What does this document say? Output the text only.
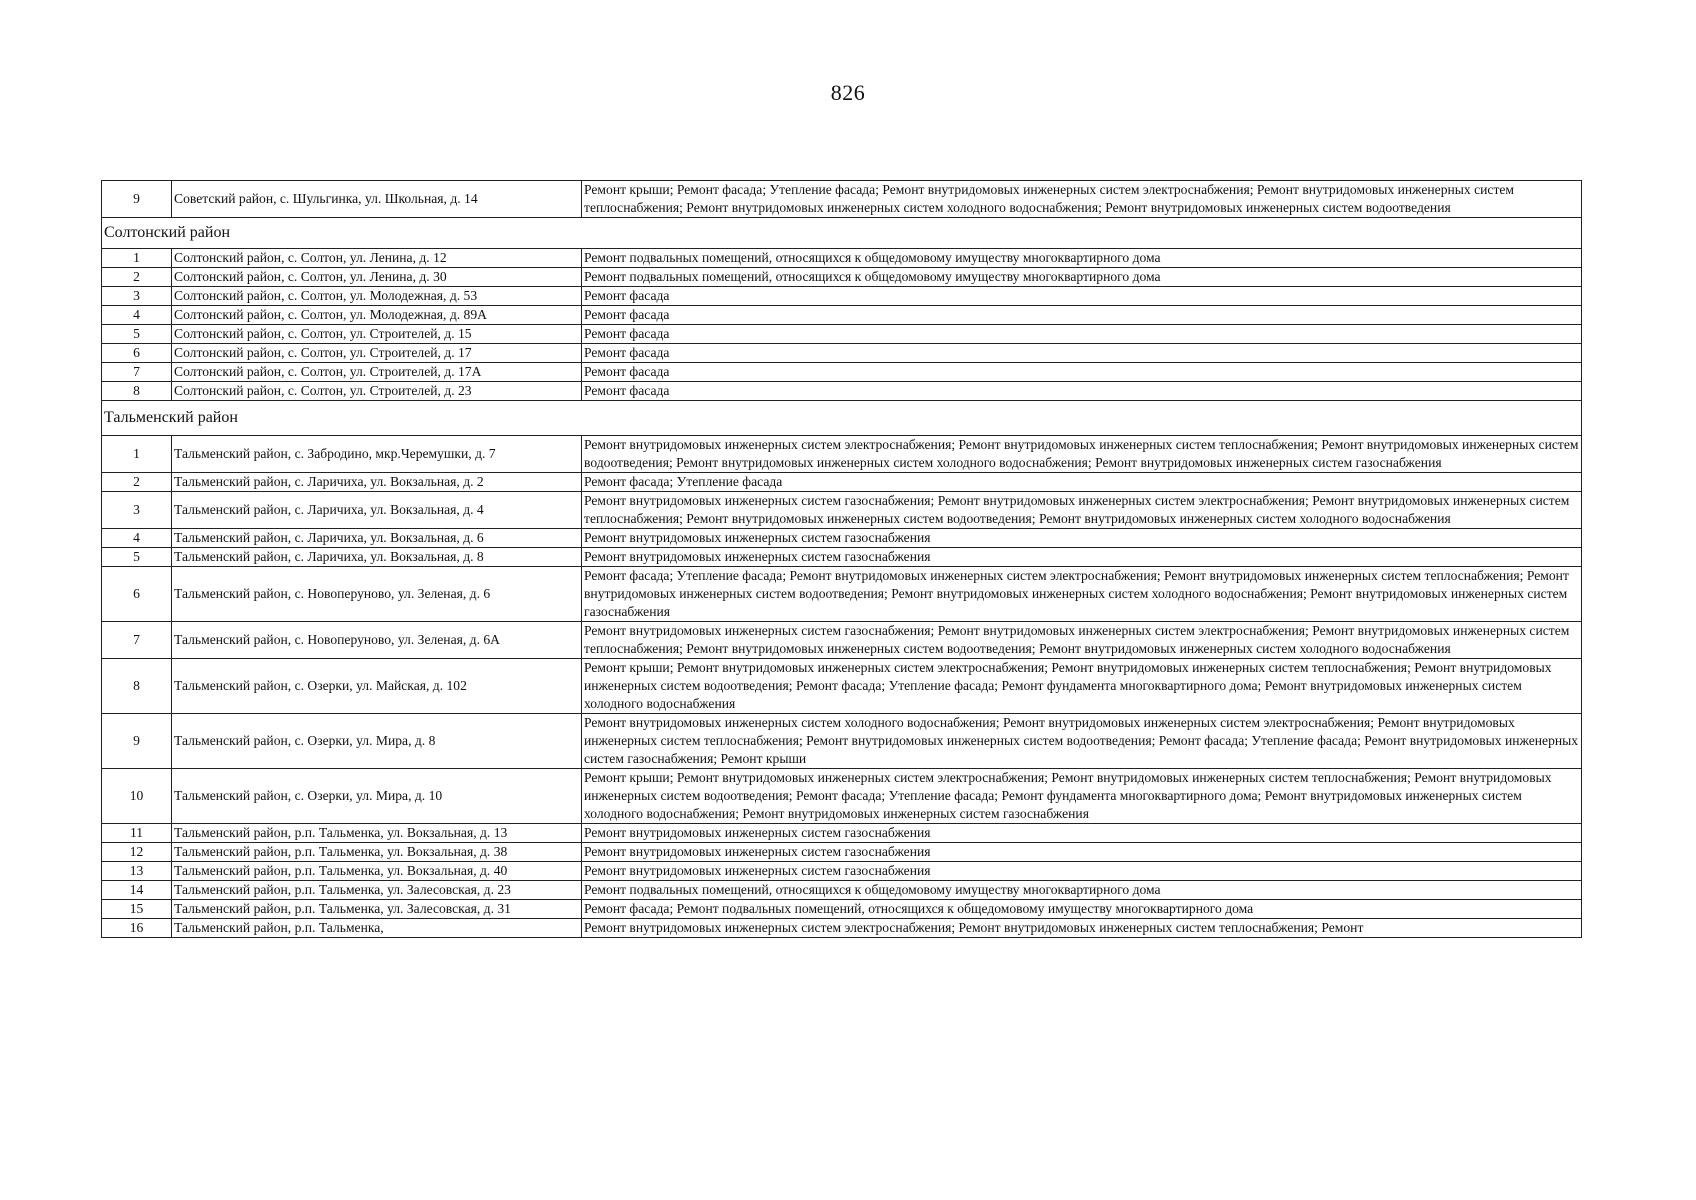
826
9	Советский район, с. Шульгинка, ул. Школьная, д. 14	Ремонт крыши; Ремонт фасада; Утепление фасада; Ремонт внутридомовых инженерных систем электроснабжения; Ремонт внутридомовых инженерных систем теплоснабжения; Ремонт внутридомовых инженерных систем холодного водоснабжения; Ремонт внутридомовых инженерных систем водоотведения
Солтонский район		
1	Солтонский район, с. Солтон, ул. Ленина, д. 12	Ремонт подвальных помещений, относящихся к общедомовому имуществу многоквартирного дома
2	Солтонский район, с. Солтон, ул. Ленина, д. 30	Ремонт подвальных помещений, относящихся к общедомовому имуществу многоквартирного дома
3	Солтонский район, с. Солтон, ул. Молодежная, д. 53	Ремонт фасада
4	Солтонский район, с. Солтон, ул. Молодежная, д. 89А	Ремонт фасада
5	Солтонский район, с. Солтон, ул. Строителей, д. 15	Ремонт фасада
6	Солтонский район, с. Солтон, ул. Строителей, д. 17	Ремонт фасада
7	Солтонский район, с. Солтон, ул. Строителей, д. 17А	Ремонт фасада
8	Солтонский район, с. Солтон, ул. Строителей, д. 23	Ремонт фасада
Тальменский район		
1	Тальменский район, с. Забродино, мкр.Черемушки, д. 7	Ремонт внутридомовых инженерных систем электроснабжения; Ремонт внутридомовых инженерных систем теплоснабжения; Ремонт внутридомовых инженерных систем водоотведения; Ремонт внутридомовых инженерных систем холодного водоснабжения; Ремонт внутридомовых инженерных систем газоснабжения
2	Тальменский район, с. Ларичиха, ул. Вокзальная, д. 2	Ремонт фасада; Утепление фасада
3	Тальменский район, с. Ларичиха, ул. Вокзальная, д. 4	Ремонт внутридомовых инженерных систем газоснабжения; Ремонт внутридомовых инженерных систем электроснабжения; Ремонт внутридомовых инженерных систем теплоснабжения; Ремонт внутридомовых инженерных систем водоотведения; Ремонт внутридомовых инженерных систем холодного водоснабжения
4	Тальменский район, с. Ларичиха, ул. Вокзальная, д. 6	Ремонт внутридомовых инженерных систем газоснабжения
5	Тальменский район, с. Ларичиха, ул. Вокзальная, д. 8	Ремонт внутридомовых инженерных систем газоснабжения
6	Тальменский район, с. Новоперуново, ул. Зеленая, д. 6	Ремонт фасада; Утепление фасада; Ремонт внутридомовых инженерных систем электроснабжения; Ремонт внутридомовых инженерных систем теплоснабжения; Ремонт внутридомовых инженерных систем водоотведения; Ремонт внутридомовых инженерных систем холодного водоснабжения; Ремонт внутридомовых инженерных систем газоснабжения
7	Тальменский район, с. Новоперуново, ул. Зеленая, д. 6А	Ремонт внутридомовых инженерных систем газоснабжения; Ремонт внутридомовых инженерных систем электроснабжения; Ремонт внутридомовых инженерных систем теплоснабжения; Ремонт внутридомовых инженерных систем водоотведения; Ремонт внутридомовых инженерных систем холодного водоснабжения
8	Тальменский район, с. Озерки, ул. Майская, д. 102	Ремонт крыши; Ремонт внутридомовых инженерных систем электроснабжения; Ремонт внутридомовых инженерных систем теплоснабжения; Ремонт внутридомовых инженерных систем водоотведения; Ремонт фасада; Утепление фасада; Ремонт фундамента многоквартирного дома; Ремонт внутридомовых инженерных систем холодного водоснабжения
9	Тальменский район, с. Озерки, ул. Мира, д. 8	Ремонт внутридомовых инженерных систем холодного водоснабжения; Ремонт внутридомовых инженерных систем электроснабжения; Ремонт внутридомовых инженерных систем теплоснабжения; Ремонт внутридомовых инженерных систем водоотведения; Ремонт фасада; Утепление фасада; Ремонт внутридомовых инженерных систем газоснабжения; Ремонт крыши
10	Тальменский район, с. Озерки, ул. Мира, д. 10	Ремонт крыши; Ремонт внутридомовых инженерных систем электроснабжения; Ремонт внутридомовых инженерных систем теплоснабжения; Ремонт внутридомовых инженерных систем водоотведения; Ремонт фасада; Утепление фасада; Ремонт фундамента многоквартирного дома; Ремонт внутридомовых инженерных систем холодного водоснабжения; Ремонт внутридомовых инженерных систем газоснабжения
11	Тальменский район, р.п. Тальменка, ул. Вокзальная, д. 13	Ремонт внутридомовых инженерных систем газоснабжения
12	Тальменский район, р.п. Тальменка, ул. Вокзальная, д. 38	Ремонт внутридомовых инженерных систем газоснабжения
13	Тальменский район, р.п. Тальменка, ул. Вокзальная, д. 40	Ремонт внутридомовых инженерных систем газоснабжения
14	Тальменский район, р.п. Тальменка, ул. Залесовская, д. 23	Ремонт подвальных помещений, относящихся к общедомовому имуществу многоквартирного дома
15	Тальменский район, р.п. Тальменка, ул. Залесовская, д. 31	Ремонт фасада; Ремонт подвальных помещений, относящихся к общедомовому имуществу многоквартирного дома
16	Тальменский район, р.п. Тальменка,	Ремонт внутридомовых инженерных систем электроснабжения; Ремонт внутридомовых инженерных систем теплоснабжения; Ремонт
